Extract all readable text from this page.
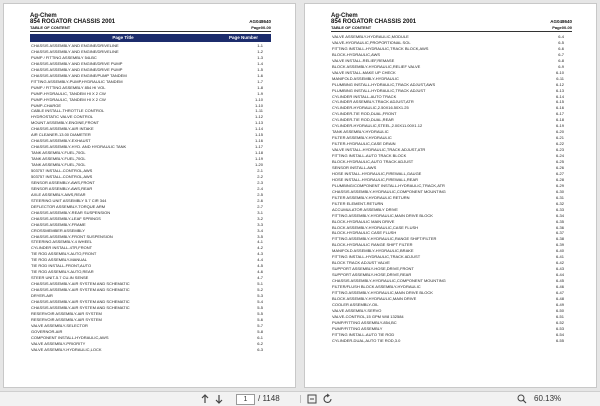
Ag-Chem
854 ROGATOR CHASSIS 2001
TABLE OF CONTENT
AG048640
Page00-00
Page Title	Page Number
CHASSIS ASSEMBLY AND ENGINE/DRIVELINE	1-1
CHASSIS ASSEMBLY AND ENGINE/DRIVELINE	1-2
PUMP / FITTING ASSEMBLY 54LBC	1-3
CHASSIS ASSEMBLY AND ENGINE/DRIVE PUMP	1-4
CHASSIS ASSEMBLY AND ENGINE/DRIVE PUMP	1-5
CHASSIS ASSEMBLY AND ENGINE/PUMP TANDEM	1-6
FITTING ASSEMBLY-PUMP,HYDRAULIC TANDEM	1-7
PUMP / FITTING ASSEMBLY 854 HI VOL	1-8
PUMP-HYDRAULIC, TANDEM HI X 2 CW	1-9
PUMP-HYDRAULIC, TANDEM HI X 2 CW	1-10
PUMP-CHARGE	1-10
CABLE INSTALL-THROTTLE CONTROL	1-11
HYDROSTATIC VALVE CONTROL	1-12
MOUNT ASSEMBLY-ENGINE,FRONT	1-13
CHASSIS ASSEMBLY-AIR INTAKE	1-14
AIR CLEANER-13.00 DIAMETER	1-15
CHASSIS ASSEMBLY-EXHAUST	1-16
CHASSIS ASSEMBLY-HYD. AND HYDRAULIC TANK	1-17
TANK ASSEMBLY-FUEL,70GL	1-18
TANK ASSEMBLY-FUEL,70GL	1-19
TANK ASSEMBLY-FUEL,70GL	1-20
503757 INSTALL-CONTROL,AWS	2-1
503757 INSTALL-CONTROL,AWS	2-2
SENSOR ASSEMBLY-AWS,FRONT	2-3
SENSOR ASSEMBLY-AWS,REAR	2-4
AXLE ASSEMBLY-AWS,REAR	2-5
STEERING UNIT ASSEMBLY 5.7 CIR 344	2-6
DEFLECTOR ASSEMBLY-TORQUE ARM	2-7
CHASSIS ASSEMBLY-REAR SUSPENSION	3-1
CHASSIS ASSEMBLY-LEAF SPRINGS	3-2
CHASSIS ASSEMBLY-FRAME	3-3
CROSSMEMBER ASSEMBLY	3-4
CHASSIS ASSEMBLY-FRONT SUSPENSION	3-5
STEERING ASSEMBLY-4 WHEEL	4-1
CYLINDER INSTALL-4TR,FRONT	4-2
TIE ROD ASSEMBLY-AUTO,FRONT	4-3
TIE ROD ASSEMBLY-MANUAL	4-4
TIE ROD INSTALL-FRONT,AUTO	4-5
TIE ROD ASSEMBLY-AUTO,REAR	4-6
STEER UNIT-5.7 CU-IN SENSE	4-7
CHASSIS ASSEMBLY-AIR SYSTEM AND SCHEMATIC	5-1
CHASSIS ASSEMBLY-AIR SYSTEM AND SCHEMATIC	5-2
DRYER-AIR	5-3
CHASSIS ASSEMBLY-AIR SYSTEM AND SCHEMATIC	5-4
CHASSIS ASSEMBLY-AIR SYSTEM AND SCHEMATIC	5-5
RESERVOIR ASSEMBLY-AIR SYSTEM	5-5
RESERVOIR ASSEMBLY-AIR SYSTEM	5-6
VALVE ASSEMBLY-SELECTOR	5-7
GOVERNOR-AIR	5-8
COMPONENT INSTALL-HYDRAULIC,AWS	6-1
VALVE ASSEMBLY-PRIORITY	6-2
VALVE ASSEMBLY-HYDRAULIC,LOCK	6-3
Ag-Chem
854 ROGATOR CHASSIS 2001
TABLE OF CONTENT
AG048640
Page00-00
VALVE ASSEMBLY-HYDRAULIC,MODULE	6-4
VALVE-HYDRAULIC,PROPORTIONAL SOL	6-5
FITTING INSTALL-HYDRAULIC,TRACK BLOCK,AWS	6-6
BLOCK-HYDRAULIC,AWS	6-7
VALVE INSTALL-RELIEF,REMASE	6-8
BLOCK ASSEMBLY-HYDRAULIC,RELIEF VALVE	6-9
VALVE INSTALL-MAKE UP CHECK	6-10
MANIFOLD ASSEMBLY-HYDRAULIC	6-11
PLUMBING INSTALL-HYDRAULIC,TRACK ADJUST,AWS	6-12
PLUMBING INSTALL-HYDRAULIC,TRACK ADJUST	6-13
CYLINDER INSTALL-AUTO TRACK	6-14
CYLINDER ASSEMBLY-TRACK ADJUST,ATR	6-15
CYLINDER-HYDRAULIC,2.50X16.50X1.25	6-16
CYLINDER-TIE ROD,DUAL,FRONT	6-17
CYLINDER-TIE ROD,DUAL,REAR	6-18
CYLINDER-HYDRAULIC,STEEL,2.00X11.00X1.12	6-19
TANK ASSEMBLY-HYDRAULIC	6-20
FILTER ASSEMBLY-HYDRAULIC	6-21
FILTER-HYDRAULIC,CASE DRAIN	6-22
VALVE INSTALL-HYDRAULIC,TRACK ADJUST,ATR	6-23
FITTING INSTALL-AUTO TRACK BLOCK	6-24
BLOCK-HYDRAULIC,AUTO TRACK ADJUST	6-25
SENSOR INSTALL-AWS	6-26
HOSE INSTALL-HYDRAULIC,FIREWALL,GAUGE	6-27
HOSE INSTALL-HYDRAULIC,FIREWALL,REAR	6-28
PLUMBING/COMPONENT INSTALL-HYDRAULIC,TRACK,ATR	6-29
CHASSIS ASSEMBLY-HYDRAULIC,COMPONENT MOUNTING	6-30
FILTER ASSEMBLY-HYDRAULIC RETURN	6-31
FILTER ELEMENT-RETURN	6-32
ACCUMULATOR ASSEMBLY DRIVE	6-33
FITTING ASSEMBLY-HYDRAULIC,MAIN DRIVE BLOCK	6-34
BLOCK-HYDRAULIC MAIN DRIVE	6-35
BLOCK ASSEMBLY-HYDRAULIC,CASE FLUSH	6-36
BLOCK-HYDRAULIC CASE FLUSH	6-37
FITTING ASSEMBLY-HYDRAULIC,RANGE SHIFT/FILTER	6-38
BLOCK-HYDRAULIC RANGE SHIFT FILTER	6-39
MANIFOLD ASSEMBLY-HYDRAULIC,BRAKE	6-40
FITTING INSTALL-HYDRAULIC,TRACK ADJUST	6-41
BLOCK TRACK ADJUST VALVE	6-42
SUPPORT ASSEMBLY-HOSE,DRIVE,FRONT	6-43
SUPPORT ASSEMBLY-HOSE,DRIVE,REAR	6-44
CHASSIS ASSEMBLY-HYDRAULIC,COMPONENT MOUNTING	6-45
FILTER/FLUSH BLOCK ASSEMBLY-HYDRAULIC	6-46
FITTING ASSEMBLY-HYDRAULIC,MAIN DRIVE BLOCK	6-47
BLOCK ASSEMBLY-HYDRAULIC,MAIN DRIVE	6-48
COOLER ASSEMBLY-OIL	6-49
VALVE ASSEMBLY-SERVO	6-50
VALVE-CONTROL,15 GPM W/8 132584	6-51
PUMP/FITTING ASSEMBLY-854,BC	6-52
PUMP/FITTING ASSEMBLY	6-53
FITTING INSTALL-AUTO TIE ROD	6-54
CYLINDER-DUAL,AUTO TIE ROD,3.0	6-55
1	/ 1148	60.13%
